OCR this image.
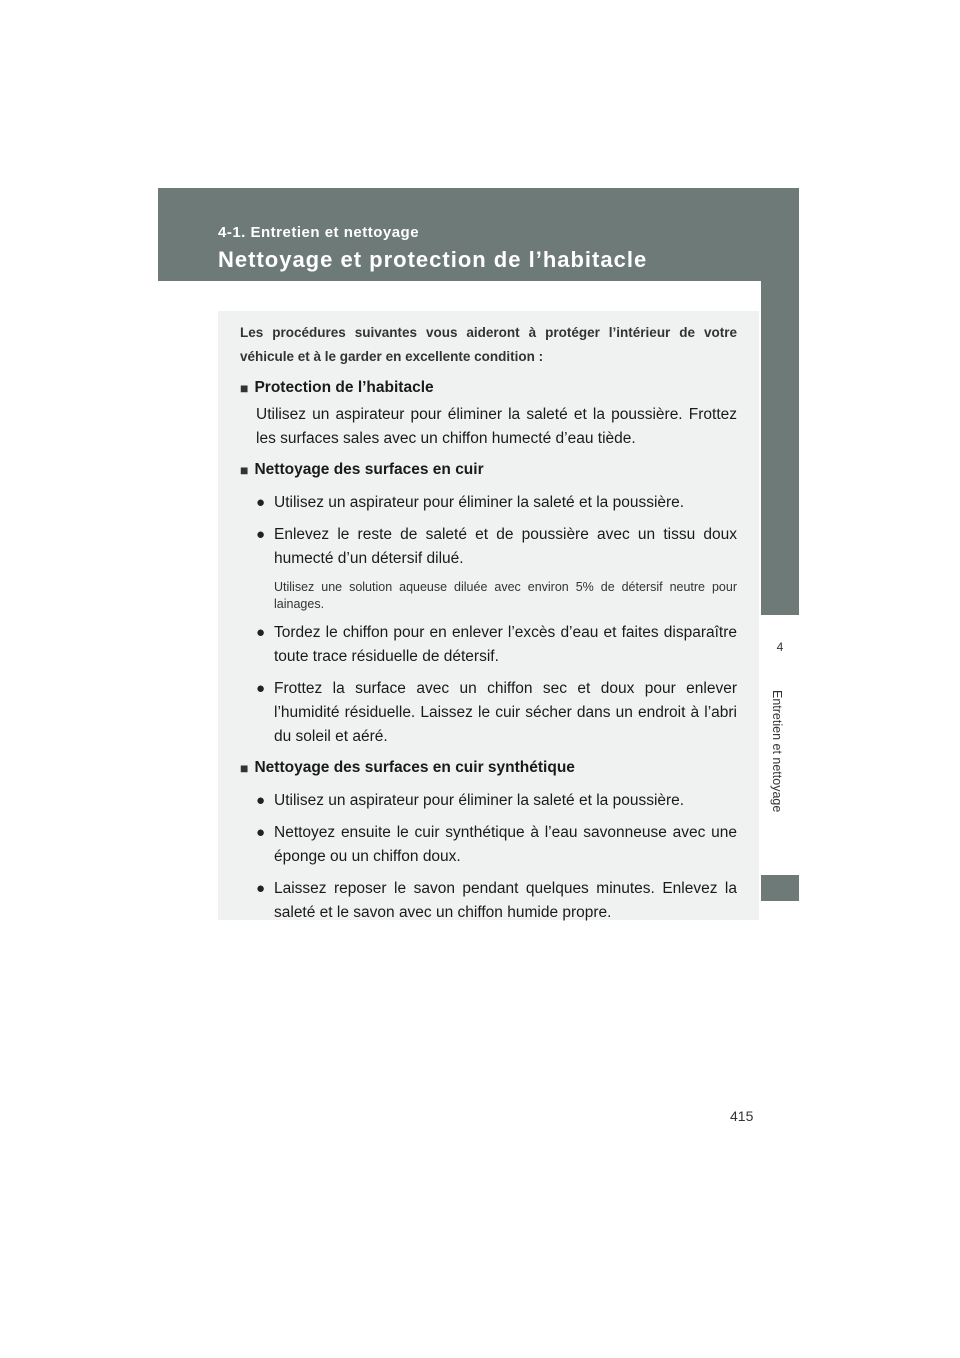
4-1. Entretien et nettoyage
Nettoyage et protection de l’habitacle
4
Entretien et nettoyage

Les procédures suivantes vous aideront à protéger l’intérieur de votre véhicule et à le garder en excellente condition :

■ Protection de l’habitacle

Utilisez un aspirateur pour éliminer la saleté et la poussière. Frottez les surfaces sales avec un chiffon humecté d’eau tiède.

■ Nettoyage des surfaces en cuir
● Utilisez un aspirateur pour éliminer la saleté et la poussière.
● Enlevez le reste de saleté et de poussière avec un tissu doux humecté d’un détersif dilué.

Utilisez une solution aqueuse diluée avec environ 5% de détersif neutre pour lainages.

● Tordez le chiffon pour en enlever l’excès d’eau et faites disparaître toute trace résiduelle de détersif.
● Frottez la surface avec un chiffon sec et doux pour enlever l’humidité résiduelle. Laissez le cuir sécher dans un endroit à l’abri du soleil et aéré.
■ Nettoyage des surfaces en cuir synthétique
● Utilisez un aspirateur pour éliminer la saleté et la poussière.
● Nettoyez ensuite le cuir synthétique à l’eau savonneuse avec une éponge ou un chiffon doux.
● Laissez reposer le savon pendant quelques minutes. Enlevez la saleté et le savon avec un chiffon humide propre.
415
